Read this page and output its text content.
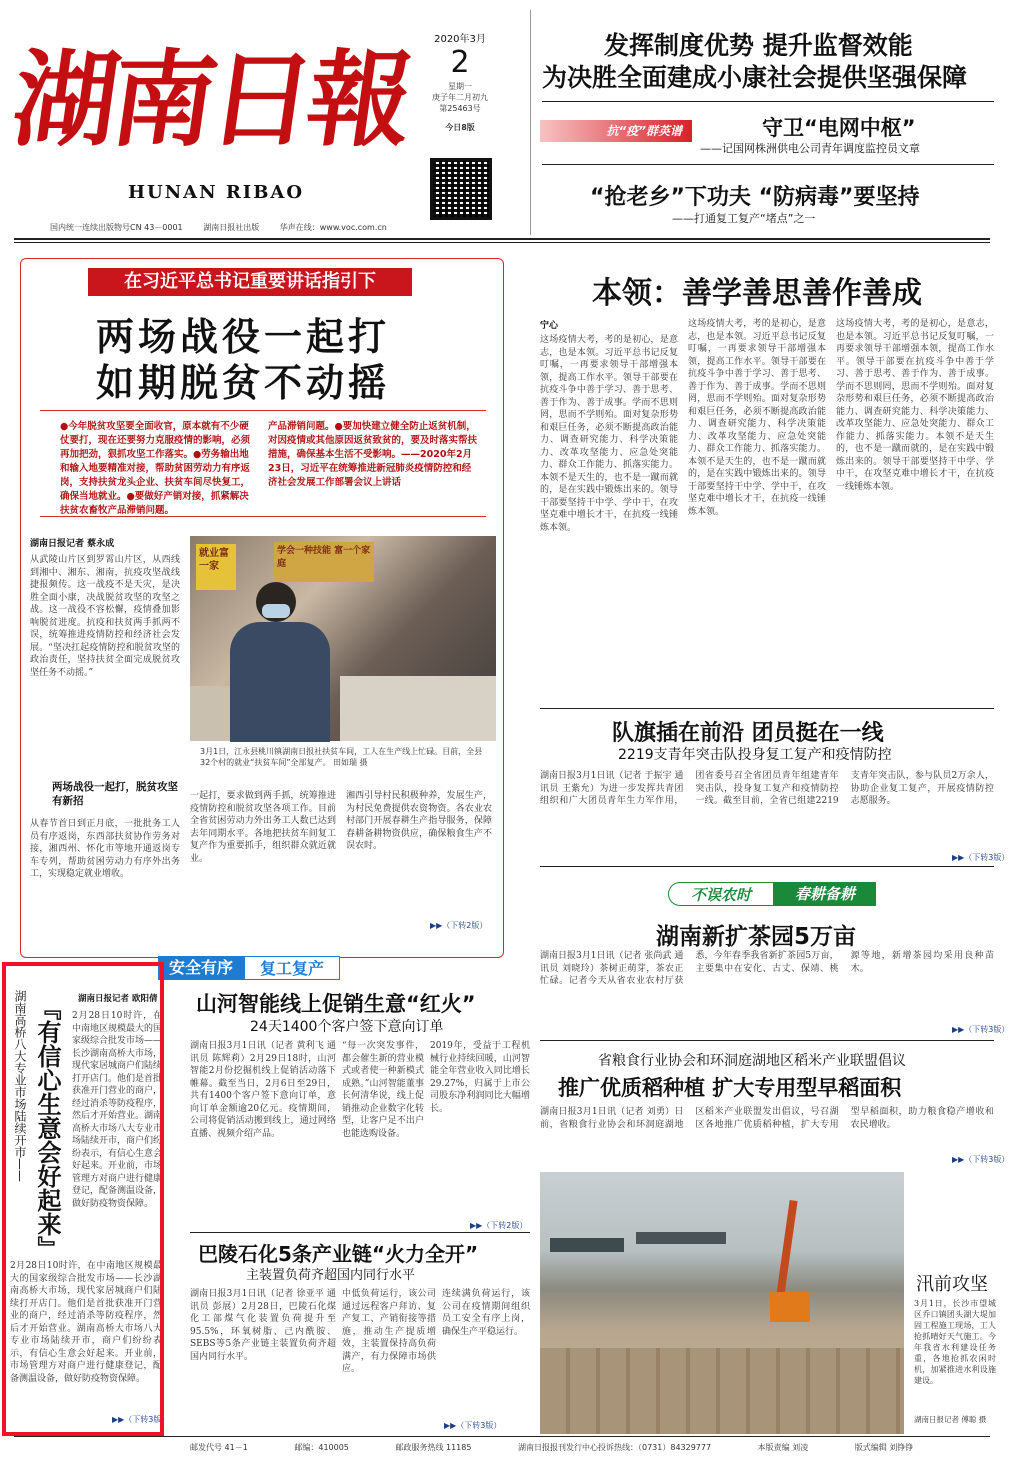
湖南日報
HUNAN RIBAO
2020年3月
2
星期一
庚子年二月初九
第25463号
今日8版
国内统一连续出版物号CN 43－0001	湖南日报社出版	华声在线：www.voc.com.cn
发挥制度优势 提升监督效能
为决胜全面建成小康社会提供坚强保障
抗“疫”群英谱	守卫“电网中枢”
——记国网株洲供电公司青年调度监控员文章
“抢老乡”下功夫 “防病毒”要坚持
——打通复工复产“堵点”之一
在习近平总书记重要讲话指引下
两场战役一起打
如期脱贫不动摇
●今年脱贫攻坚要全面收官，原本就有不少硬仗要打，现在还要努力克服疫情的影响，必须再加把劲，狠抓攻坚工作落实。●劳务输出地和输入地要精准对接，帮助贫困劳动力有序返岗，支持扶贫龙头企业、扶贫车间尽快复工，确保当地就业。●要做好产销对接，抓紧解决扶贫农畜牧产品滞销问题。
产品滞销问题。●要加快建立健全防止返贫机制，对因疫情或其他原因返贫致贫的，要及时落实帮扶措施，确保基本生活不受影响。——2020年2月23日，习近平在统筹推进新冠肺炎疫情防控和经济社会发展工作部署会议上讲话
湖南日报记者 蔡永成
从武陵山片区到罗霄山片区，从西线到湘中、湘东、湘南，抗疫攻坚战线捷报频传。这一战疫不是天灾，是决胜全面小康，决战脱贫攻坚的攻坚之战。这一战役不容松懈，疫情叠加影响脱贫进度。抗疫和扶贫两手抓两不误，统筹推进疫情防控和经济社会发展。“坚决扛起疫情防控和脱贫攻坚的政治责任，坚持扶贫全面完成脱贫攻坚任务不动摇。”
两场战役一起打，脱贫攻坚有新招
从春节首日到正月底，一批批务工人员有序返岗，东西部扶贫协作劳务对接，湘西州、怀化市等地开通返岗专车专列，帮助贫困劳动力有序外出务工，实现稳定就业增收。
就业富一家
学会一种技能 富一个家庭
3月1日，江永县桃川镇湖南日报社扶贫车间，工人在生产线上忙碌。目前，全县32个村的就业“扶贫车间”全部复产。 田如瑞 摄
一起打，要求做到两手抓，统筹推进疫情防控和脱贫攻坚各项工作。目前全省贫困劳动力外出务工人数已达到去年同期水平。各地把扶贫车间复工复产作为重要抓手，组织群众就近就业。
湘西引导村民积极种养，发展生产，为村民免费提供农资物资。各农业农村部门开展春耕生产指导服务，保障春耕备耕物资供应，确保粮食生产不误农时。
▶▶（下转2版）
本领：善学善思善作善成
宁心
这场疫情大考，考的是初心，是意志，也是本领。习近平总书记反复叮嘱，一再要求领导干部增强本领，提高工作水平。领导干部要在抗疫斗争中善于学习、善于思考、善于作为、善于成事。学而不思则罔，思而不学则殆。面对复杂形势和艰巨任务，必须不断提高政治能力、调查研究能力、科学决策能力、改革攻坚能力、应急处突能力、群众工作能力、抓落实能力。本领不是天生的，也不是一蹴而就的，是在实践中锻炼出来的。领导干部要坚持干中学、学中干，在攻坚克难中增长才干，在抗疫一线锤炼本领。
这场疫情大考，考的是初心，是意志，也是本领。习近平总书记反复叮嘱，一再要求领导干部增强本领，提高工作水平。领导干部要在抗疫斗争中善于学习、善于思考、善于作为、善于成事。学而不思则罔，思而不学则殆。面对复杂形势和艰巨任务，必须不断提高政治能力、调查研究能力、科学决策能力、改革攻坚能力、应急处突能力、群众工作能力、抓落实能力。本领不是天生的，也不是一蹴而就的，是在实践中锻炼出来的。领导干部要坚持干中学、学中干，在攻坚克难中增长才干，在抗疫一线锤炼本领。
这场疫情大考，考的是初心，是意志，也是本领。习近平总书记反复叮嘱，一再要求领导干部增强本领，提高工作水平。领导干部要在抗疫斗争中善于学习、善于思考、善于作为、善于成事。学而不思则罔，思而不学则殆。面对复杂形势和艰巨任务，必须不断提高政治能力、调查研究能力、科学决策能力、改革攻坚能力、应急处突能力、群众工作能力、抓落实能力。本领不是天生的，也不是一蹴而就的，是在实践中锻炼出来的。领导干部要坚持干中学、学中干，在攻坚克难中增长才干，在抗疫一线锤炼本领。
队旗插在前沿 团员挺在一线
2219支青年突击队投身复工复产和疫情防控
湖南日报3月1日讯（记者 于振宇 通讯员 王紫允）为进一步发挥共青团组织和广大团员青年生力军作用，团省委号召全省团员青年组建青年突击队，投身复工复产和疫情防控一线。截至目前，全省已组建2219支青年突击队，参与队员2万余人，协助企业复工复产，开展疫情防控志愿服务。
▶▶（下转3版）
不误农时	春耕备耕
湖南新扩茶园5万亩
湖南日报3月1日讯（记者 张尚武 通讯员 刘晓玲）茶树正萌芽，茶农正忙碌。记者今天从省农业农村厅获悉，今年春季我省新扩茶园5万亩，主要集中在安化、古丈、保靖、桃源等地，新增茶园均采用良种苗木。
▶▶（下转3版）
省粮食行业协会和环洞庭湖地区稻米产业联盟倡议
推广优质稻种植 扩大专用型早稻面积
湖南日报3月1日讯（记者 刘勇）日前，省粮食行业协会和环洞庭湖地区稻米产业联盟发出倡议，号召湖区各地推广优质稻种植，扩大专用型早稻面积，助力粮食稳产增收和农民增收。
▶▶（下转3版）
汛前攻坚
3月1日，长沙市望城区乔口镇团头湖大堤加固工程施工现场，工人抢抓晴好天气施工。今年我省水利建设任务重，各地抢抓农闲时机，加紧推进水利设施建设。
湖南日报记者 傅聪 摄
安全有序	复工复产
山河智能线上促销生意“红火”
24天1400个客户签下意向订单
湖南日报3月1日讯（记者 黄利飞 通讯员 陈辉莉）2月29日18时，山河智能2月份挖掘机线上促销活动落下帷幕。截至当日，2月6日至29日，共有1400个客户签下意向订单，意向订单金额逾20亿元。疫情期间，公司将促销活动搬到线上，通过网络直播、视频介绍产品。
“每一次突发事件，都会催生新的营业模式或者使一种新模式成熟。”山河智能董事长何清华说，线上促销推动企业数字化转型，让客户足不出户也能选购设备。
2019年，受益于工程机械行业持续回暖，山河智能全年营业收入同比增长29.27%，归属于上市公司股东净利润同比大幅增长。
▶▶（下转2版）
巴陵石化5条产业链“火力全开”
主装置负荷齐超国内同行水平
湖南日报3月1日讯（记者 徐亚平 通讯员 彭展）2月28日，巴陵石化煤化工部煤气化装置负荷提升至95.5%，环氧树脂、己内酰胺、SEBS等5条产业链主装置负荷齐超国内同行水平。
中低负荷运行，该公司通过远程客户拜访、复产复工、产销衔接等措施，推动生产提质增效，主装置保持高负荷满产，有力保障市场供应。
连续满负荷运行，该公司在疫情期间组织员工安全有序上岗，确保生产平稳运行。
▶▶（下转3版）
『有信心生意会好起来』
湖南高桥八大专业市场陆续开市——	湖南日报记者 欧阳倩
2月28日10时许，在中南地区规模最大的国家级综合批发市场——长沙湖南高桥大市场，现代家居城商户们陆续打开店门。他们是首批获准开门营业的商户，经过消杀等防疫程序，然后才开始营业。湖南高桥大市场八大专业市场陆续开市，商户们纷纷表示，有信心生意会好起来。开业前，市场管理方对商户进行健康登记，配备测温设备，做好防疫物资保障。
2月28日10时许，在中南地区规模最大的国家级综合批发市场——长沙湖南高桥大市场，现代家居城商户们陆续打开店门。他们是首批获准开门营业的商户，经过消杀等防疫程序，然后才开始营业。湖南高桥大市场八大专业市场陆续开市，商户们纷纷表示，有信心生意会好起来。开业前，市场管理方对商户进行健康登记，配备测温设备，做好防疫物资保障。
▶▶（下转3版）
邮发代号 41－1	邮编：410005	邮政服务热线 11185	湖南日报报刊发行中心投诉热线：（0731）84329777	本版责编 刘凌	版式编辑 刘铮铮
